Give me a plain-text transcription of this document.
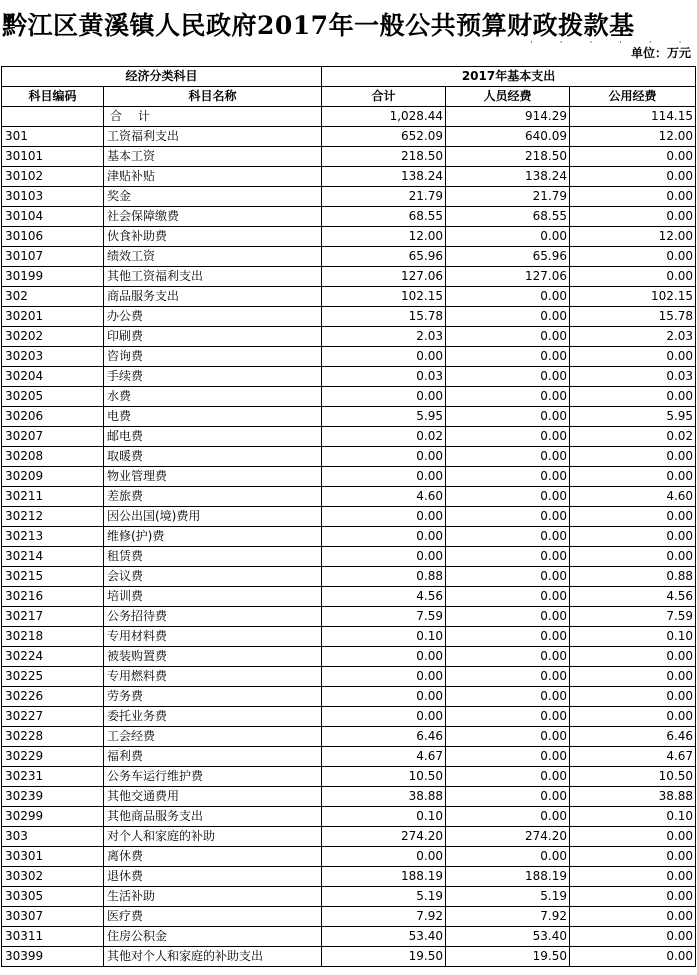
黔江区黄溪镇人民政府2017年一般公共预算财政拨款基
· · · · · ·
单位：万元
经济分类科目		2017年基本支出		
科目编码	科目名称	合计	人员经费	公用经费
	合 计	1,028.44	914.29	114.15
301	工资福利支出	652.09	640.09	12.00
30101	基本工资	218.50	218.50	0.00
30102	津贴补贴	138.24	138.24	0.00
30103	奖金	21.79	21.79	0.00
30104	社会保障缴费	68.55	68.55	0.00
30106	伙食补助费	12.00	0.00	12.00
30107	绩效工资	65.96	65.96	0.00
30199	其他工资福利支出	127.06	127.06	0.00
302	商品服务支出	102.15	0.00	102.15
30201	办公费	15.78	0.00	15.78
30202	印刷费	2.03	0.00	2.03
30203	咨询费	0.00	0.00	0.00
30204	手续费	0.03	0.00	0.03
30205	水费	0.00	0.00	0.00
30206	电费	5.95	0.00	5.95
30207	邮电费	0.02	0.00	0.02
30208	取暖费	0.00	0.00	0.00
30209	物业管理费	0.00	0.00	0.00
30211	差旅费	4.60	0.00	4.60
30212	因公出国(境)费用	0.00	0.00	0.00
30213	维修(护)费	0.00	0.00	0.00
30214	租赁费	0.00	0.00	0.00
30215	会议费	0.88	0.00	0.88
30216	培训费	4.56	0.00	4.56
30217	公务招待费	7.59	0.00	7.59
30218	专用材料费	0.10	0.00	0.10
30224	被装购置费	0.00	0.00	0.00
30225	专用燃料费	0.00	0.00	0.00
30226	劳务费	0.00	0.00	0.00
30227	委托业务费	0.00	0.00	0.00
30228	工会经费	6.46	0.00	6.46
30229	福利费	4.67	0.00	4.67
30231	公务车运行维护费	10.50	0.00	10.50
30239	其他交通费用	38.88	0.00	38.88
30299	其他商品服务支出	0.10	0.00	0.10
303	对个人和家庭的补助	274.20	274.20	0.00
30301	离休费	0.00	0.00	0.00
30302	退休费	188.19	188.19	0.00
30305	生活补助	5.19	5.19	0.00
30307	医疗费	7.92	7.92	0.00
30311	住房公积金	53.40	53.40	0.00
30399	其他对个人和家庭的补助支出	19.50	19.50	0.00
